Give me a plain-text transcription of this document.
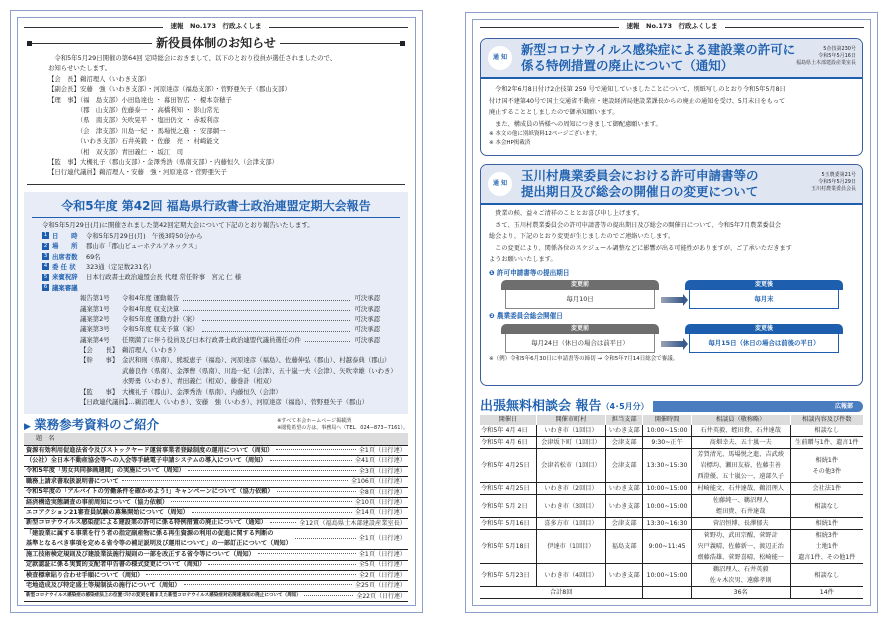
速報　No.173　行政ふくしま
新役員体制のお知らせ
　令和5年5月29日開催の第64回 定時総会におきまして、以下のとおり役員が選任されましたので、
お知らせいたします。
【会　長】鵜沼理人（いわき支部）
【副会長】安藤　強（いわき支部）・河原達彦（福島支部）・菅野亜矢子（郡山支部）
【理　事】（福　島支部）小田島達也 ・ 幕田智広 ・ 榎本奈穂子
　　　　　（郡　山支部）佐藤泰一 ・ 高橋利知 ・ 影山常光
　　　　　（県　南支部）矢吹晃平 ・ 塩田仍文 ・ 赤坂利彦
　　　　　（会　津支部）川島一紀 ・ 馬場悦之進 ・ 安部網一
　　　　　（いわき支部）石井英毅 ・ 佐藤　亮 ・ 村崎能文
　　　　　（相　双支部）青田義仁 ・ 坂江　司
【監　事】大槻礼子（郡山支部）・金澤秀浩（県南支部）・内藤恒久（会津支部）
【日行連代議員】鵜沼理人・安藤　強・河原達彦・菅野亜矢子
令和5年度 第42回 福島県行政書士政治連盟定期大会報告
令和5年5月29日(月)に開催されました第42回定期大会について下記のとおり報告いたします。
1 日　　時 令和5年5月29日(月)　午後3時50分から
2 場　　所 郡山市「郡山ビューホテルアネックス」
3 出席者数 69名
4 委 任 状 323通（定足数231名）
5 来賓祝辞 日本行政書士政治連盟会長 代理 常任幹事　宮元 仁 様
6 議案審議
報告第1号	令和4年度 運動報告	可決承認
議案第1号	令和4年度 収支決算	可決承認
議案第2号	令和5年度 運動方針（案）	可決承認
議案第3号	令和5年度 収支予算（案）	可決承認
議案第4号	任期満了に伴う役員及び日本行政書士政治連盟代議員選任の件	可決承認
【会　　長】 鵜沼理人（いわき）
【幹　　事】 金沢和則（県南）、熊坂恵子（福島）、河原達彦（福島）、佐藤伸弘（郡山）、村越泰典（郡山）
武藤良作（県南）、金澤豊（県南）、川島一紀（会津）、五十嵐一夫（会津）、矢吹幸雄（いわき）
水野勇（いわき）、青田義仁（相双）、藤巻計（相双）
【監　　事】 大槻礼子（郡山）、金澤秀浩（県南）、内藤恒久（会津）
【日政連代議員】
……鵜沼理人（いわき）、安藤　強（いわき）、河原達彦（福島）、菅野亜矢子（郡山）
▶ 業務参考資料のご紹介	※すべて本会ホームページ掲載済
※閲覧希望の方は、事務局へ（TEL．024−873−7161）。
題　名
資源有効利用促進法省令及びストックヤード運営事業者登録制度の運用について（周知）	全1頁（日行連）
（公社）全日本不動産協会等への入会等手続電子申請システムの導入について（周知）	全41頁（日行連）
令和5年度「男女共同参画週間」の実施について（周知）	全3頁（日行連）
職務上請求書取扱説明書について	全106頁（日行連）
令和5年度の「アルバイトの労働条件を確かめよう!」キャンペーンについて（協力依頼）	全8頁（日行連）
経済構造実態調査の事前周知について（協力依頼）	全10頁（日行連）
エコアクション21審査員試験の募集開始について（周知）	全14頁（日行連）
新型コロナウイルス感染症による建設業の許可に係る特例措置の廃止について（通知）	全12頁（福島県土木部建設産業室長）
「建設業に属する事業を行う者の指定副産物に係る再生資源の利用の促進に関する判断の
基準となるべき事項を定める省令等の補足説明及び運用について」の一部訂正について（周知）
全1頁（日行連）
施工技術検定規則及び建設業法施行規則の一部を改正する省令等について（周知）	全1頁（日行連）
定款認証に係る実質的支配者申告書の様式変更について（周知）	全5頁（日行連）
検査標章貼り合わせ手順について（周知）	全2頁（日行連）
宅地造成及び特定盛土等規制法の施行について（周知）	全25頁（日行連）
新型コロナウイルス感染症の感染症法上の位置づけの変更を踏まえた新型コロナウイルス感染症対応関連通知の廃止について（周知）	全22頁（日行連）
速報　No.173　行政ふくしま
通 知
新型コロナウイルス感染症による建設業の許可に
係る特例措置の廃止について（通知）
5企技第230号
令和5年5月16日
福島県土木部建設産業室長

　令和2年6月8日付け2企技第 259 号で通知していましたことについて、別紙写しのとおり令和5年5月8日

付け国不建第40号で国土交通省不動産・建設経済局建設業課長からの廃止の通知を受け、5月末日をもって

廃止することとしましたので御承知願います。

　また、構成員の皆様への周知につきまして御配慮願います。

※ 本文の他に別紙資料12ページございます。

※ 本会HP掲載済

通 知
玉川村農業委員会における許可申請書等の
提出期日及び総会の開催日の変更について
5玉農委第21号
令和5年5月29日
玉川村農業委員会長

　貴業の候、益々ご清祥のこととお喜び申し上げます。

　さて、玉川村農業委員会の許可申請書等の提出期日及び総会の開催日について、令和5年7月農業委員会

総会より、下記のとおり変更が生じましたのでご連絡いたします。

　この変更により、関係各位のスケジュール調整などに影響が出る可能性がありますが、ご了承いただきます

ようお願いいたします。

❶ 許可申請書等の提出期日
変更前
毎月10日
変更後
毎月末
❷ 農業委員会総会開催日
変更前
毎月24日（休日の場合は前平日）
変更後
毎月15日（休日の場合は前後の平日）

※（例）令和5年6月30日に申請書等の締切 → 令和5年7月14日総会で審議。

出張無料相談会 報告 （4･5月分）	広報部
開催日	開催市町村	担当支部	開催時間	相談員（敬称略）	相談内容及び件数
令和5年 4月 4日	いわき市（1回目）	いわき支部	10:00~15:00	石井英毅、蛭田貴、石井達哉	相談なし
令和5年 4月 6日	会津坂下町（1回目）	会津支部	9:30~正午	髙畑幸夫、五十嵐一夫	生前贈与1件、遺言1件
令和5年 4月25日	会津若松市（1回目）	会津支部	13:30~15:30	芳賀清光、馬場悦之進、吉武竣
岩標均、瀬田友裕、佐藤圭善
西澄優、五十嵐公一、遠部久子	相続1件
その他3件
令和5年 4月25日	いわき市（2回目）	いわき支部	10:00~15:00	村崎能文、石井達哉、鵜沼理人	会社法1件
令和5年 5月 2日	いわき市（3回目）	いわき支部	10:00~15:00	佐藤純一、鵜沼理人
蛭田貴、石井達哉	相談なし
令和5年 5月16日	喜多方市（1回目）	会津支部	13:30~16:30	菅沼恒博、長澤郁夫	相続1件
令和5年 5月18日	伊達市（1回目）	福島支部	9:00~11:45	菅野功、武田宗醒、菅野計
宍戸義晴、佐藤新一、渡辺正治
齋藤浩雄、菅野喜晴、松崎能一	相続3件
土地1件
遺言1件、その他1件
令和5年 5月23日	いわき市（4回目）	いわき支部	10:00~15:00	鵜沼理人、石井英毅
佐々木次男、遠藤孝則	相談なし
合計8回				36名	14件
